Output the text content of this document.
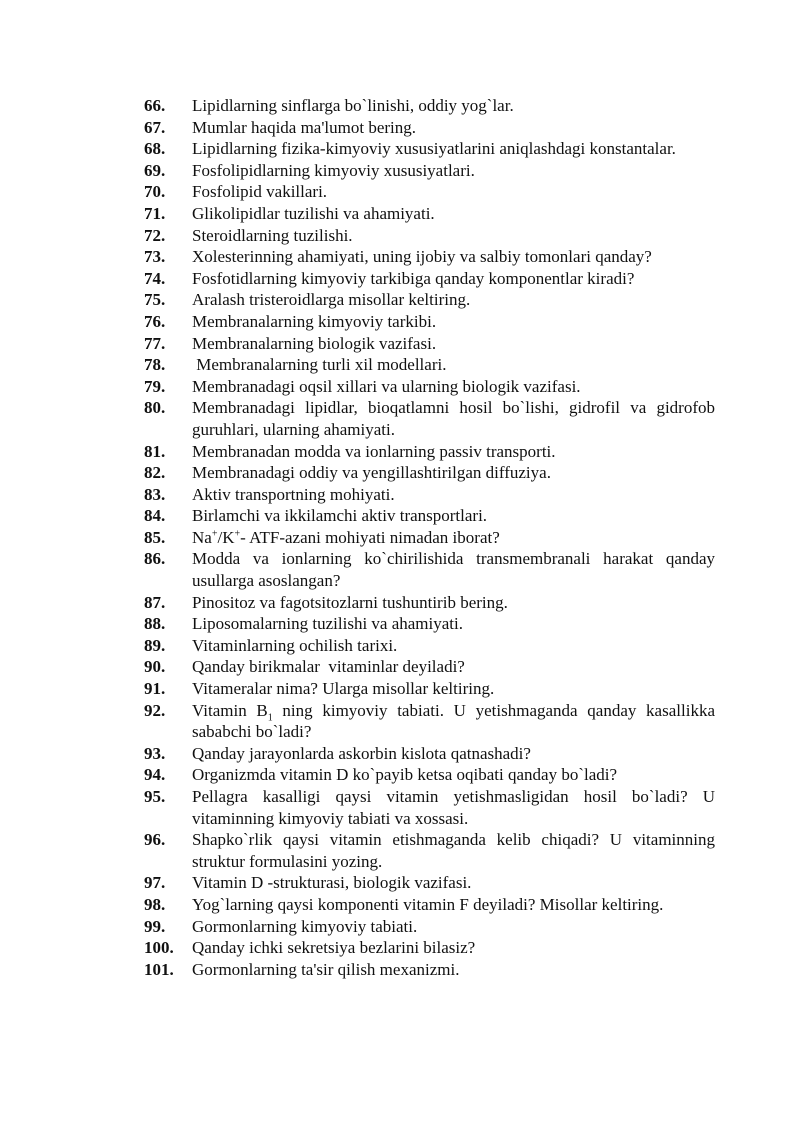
66.	Lipidlarning sinflarga bo`linishi, oddiy yog`lar.
67.	Mumlar haqida ma'lumot bering.
68.	Lipidlarning fizika-kimyoviy xususiyatlarini aniqlashdagi konstantalar.
69.	Fosfolipidlarning kimyoviy xususiyatlari.
70.	Fosfolipid vakillari.
71.	Glikolipidlar tuzilishi va ahamiyati.
72.	Steroidlarning tuzilishi.
73.	Xolesterinning ahamiyati, uning ijobiy va salbiy tomonlari qanday?
74.	Fosfotidlarning kimyoviy tarkibiga qanday komponentlar kiradi?
75.	Aralash tristeroidlarga misollar keltiring.
76.	Membranalarning kimyoviy tarkibi.
77.	Membranalarning biologik vazifasi.
78.	Membranalarning turli xil modellari.
79.	Membranadagi oqsil xillari va ularning biologik vazifasi.
80.	Membranadagi lipidlar, bioqatlamni hosil bo`lishi, gidrofil va gidrofob guruhlari, ularning ahamiyati.
81.	Membranadan modda va ionlarning passiv transporti.
82.	Membranadagi oddiy va yengillashtirilgan diffuziya.
83.	Aktiv transportning mohiyati.
84.	Birlamchi va ikkilamchi aktiv transportlari.
85.	Na+/K+- ATF-azani mohiyati nimadan iborat?
86.	Modda va ionlarning ko`chirilishida transmembranali harakat qanday usullarga asoslangan?
87.	Pinositoz va fagotsitozlarni tushuntirib bering.
88.	Liposomalarning tuzilishi va ahamiyati.
89.	Vitaminlarning ochilish tarixi.
90.	Qanday birikmalar  vitaminlar deyiladi?
91.	Vitameralar nima? Ularga misollar keltiring.
92.	Vitamin $B_1$ ning kimyoviy tabiati. U yetishmaganda qanday kasallikka sababchi bo`ladi?
93.	Qanday jarayonlarda askorbin kislota qatnashadi?
94.	Organizmda vitamin D ko`payib ketsa oqibati qanday bo`ladi?
95.	Pellagra kasalligi qaysi vitamin yetishmasligidan hosil bo`ladi? U vitaminning kimyoviy tabiati va xossasi.
96.	Shapko`rlik qaysi vitamin etishmaganda kelib chiqadi? U vitaminning struktur formulasini yozing.
97.	Vitamin D -strukturasi, biologik vazifasi.
98.	Yog`larning qaysi komponenti vitamin F deyiladi? Misollar keltiring.
99.	Gormonlarning kimyoviy tabiati.
100.	Qanday ichki sekretsiya bezlarini bilasiz?
101.	Gormonlarning ta'sir qilish mexanizmi.
